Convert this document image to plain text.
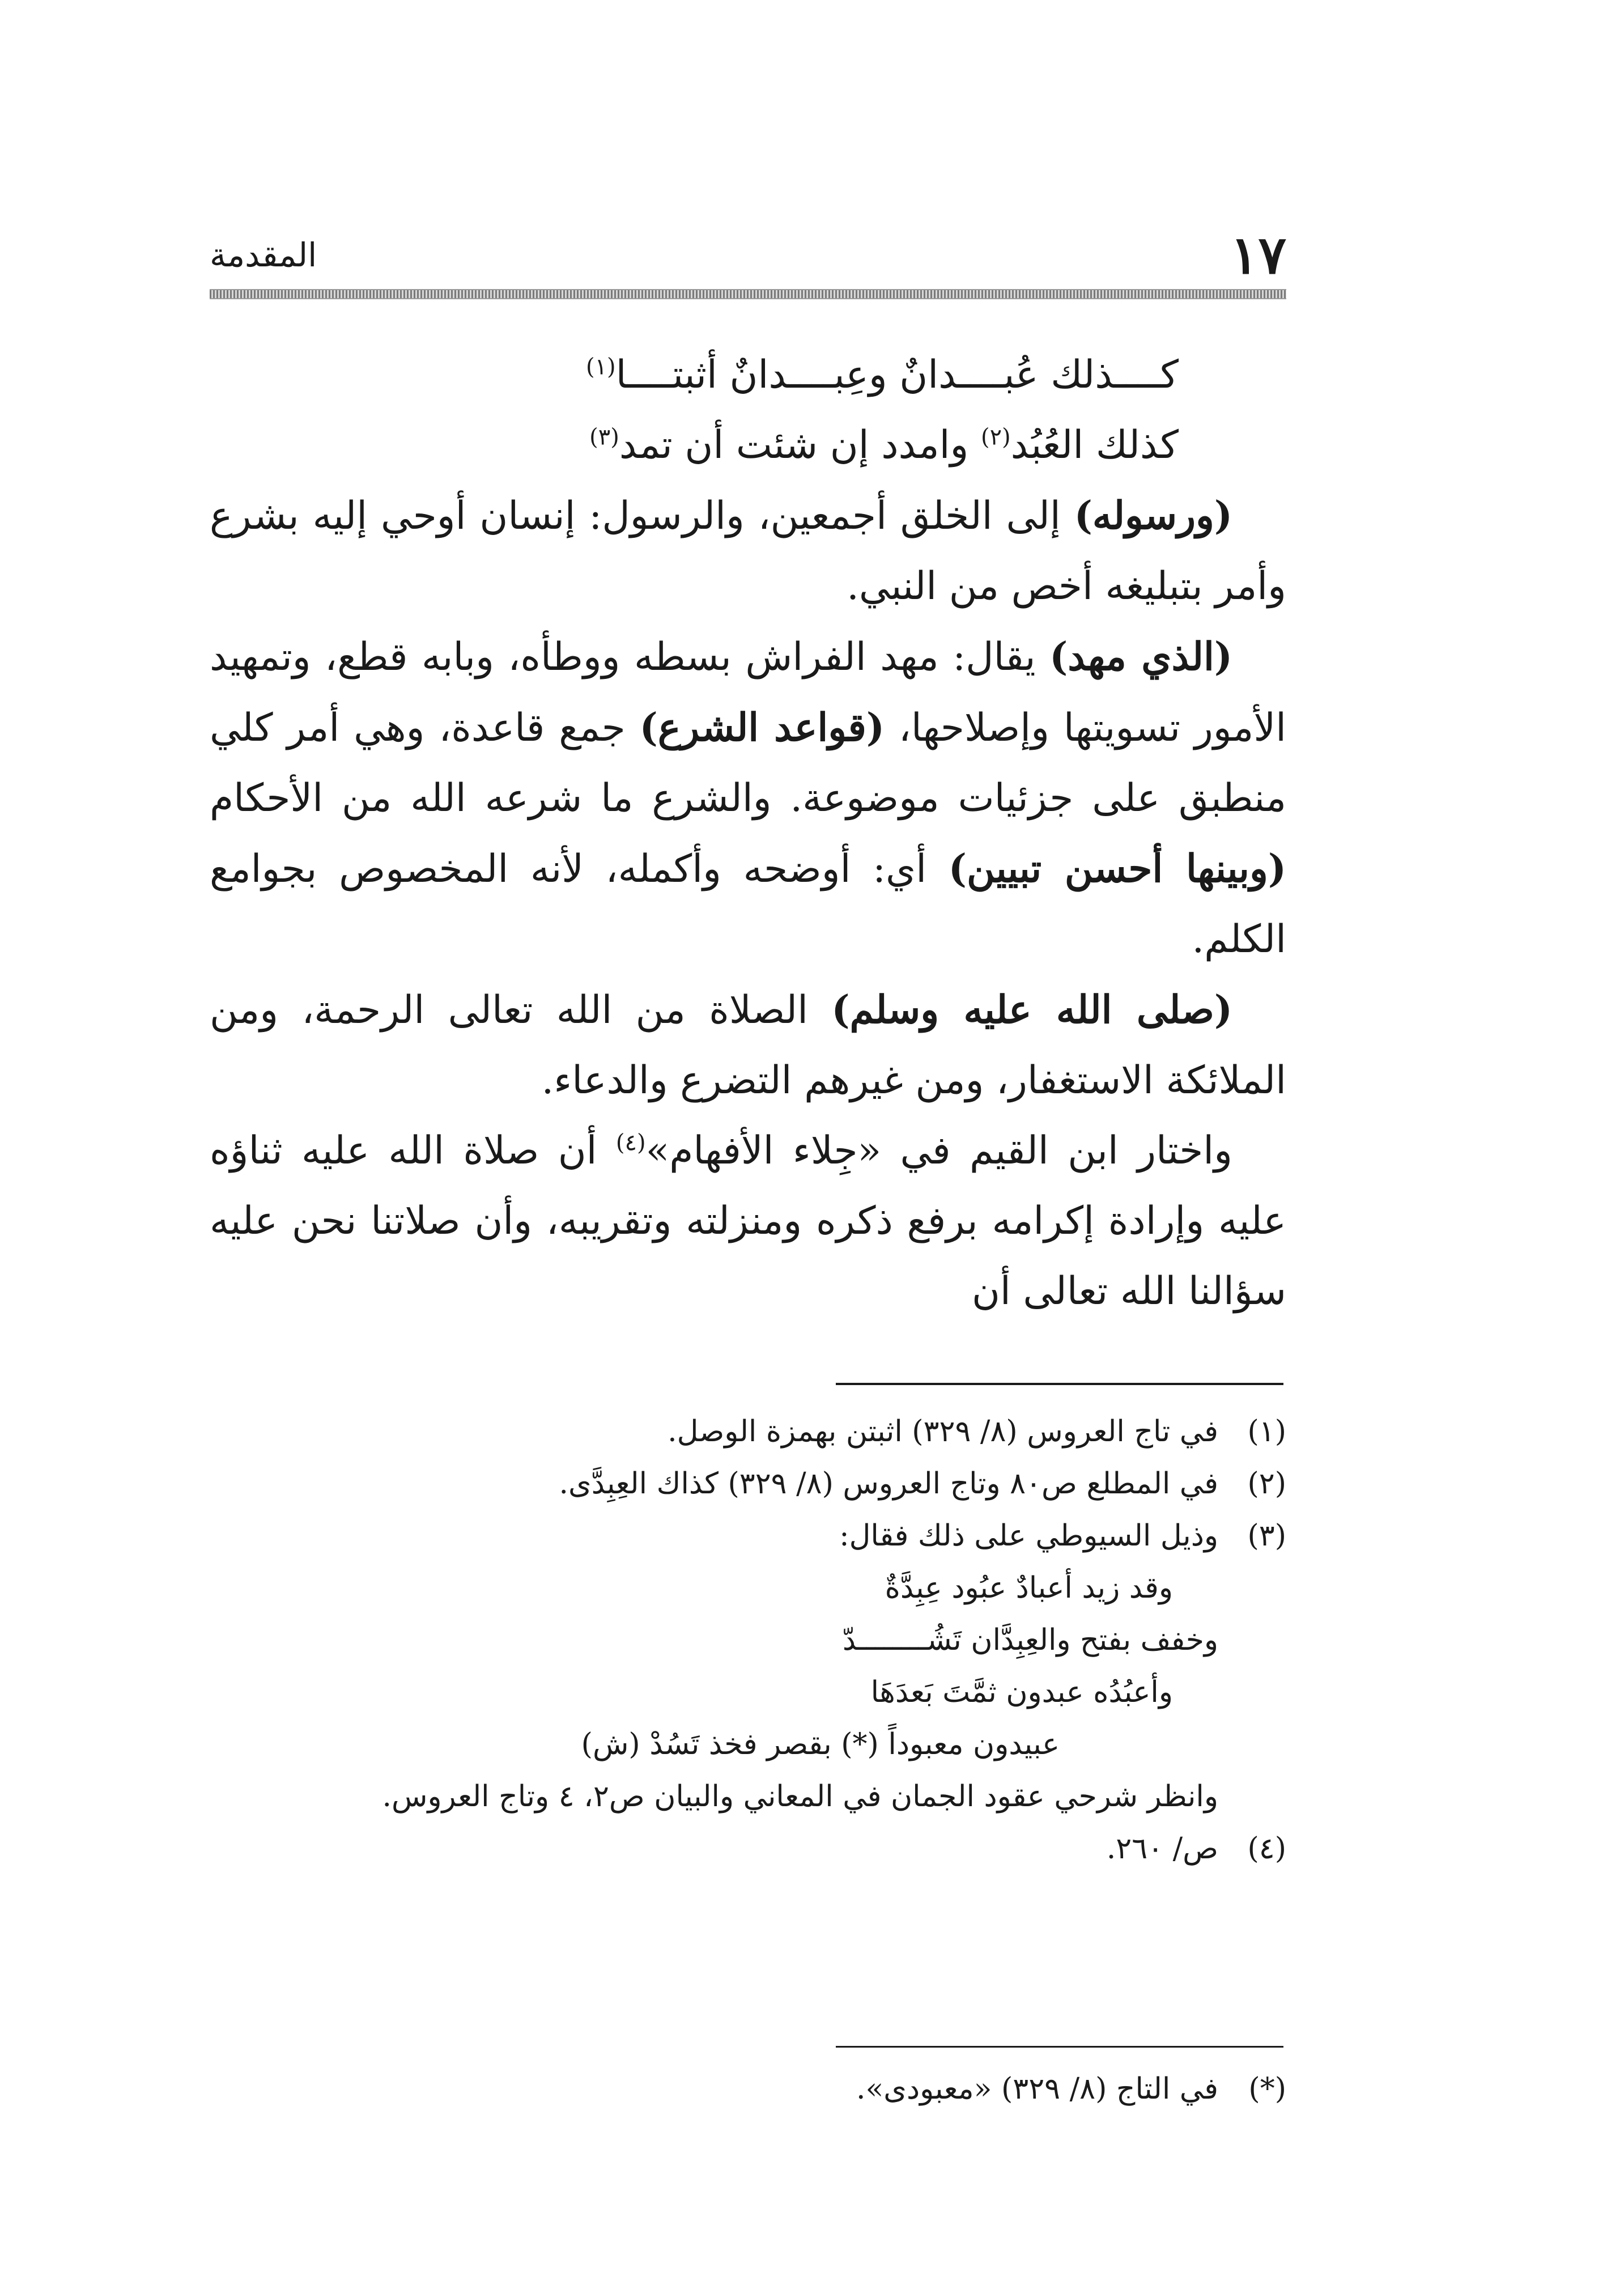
١٧
المقدمة

كــــذلك عُبــــدانٌ وعِبــــدانٌ أثبتــــا$^{(١)}$

كذلك العُبُد$^{(٢)}$ وامدد إن شئت أن تمد$^{(٣)}$

(ورسوله) إلى الخلق أجمعين، والرسول: إنسان أوحي إليه بشرع وأمر بتبليغه أخص من النبي.

(الذي مهد) يقال: مهد الفراش بسطه ووطأه، وبابه قطع، وتمهيد الأمور تسويتها وإصلاحها، (قواعد الشرع) جمع قاعدة، وهي أمر كلي منطبق على جزئيات موضوعة. والشرع ما شرعه الله من الأحكام (وبينها أحسن تبيين) أي: أوضحه وأكمله، لأنه المخصوص بجوامع الكلم.

(صلى الله عليه وسلم) الصلاة من الله تعالى الرحمة، ومن الملائكة الاستغفار، ومن غيرهم التضرع والدعاء.

واختار ابن القيم في «جِلاء الأفهام»$^{(٤)}$ أن صلاة الله عليه ثناؤه عليه وإرادة إكرامه برفع ذكره ومنزلته وتقريبه، وأن صلاتنا نحن عليه سؤالنا الله تعالى أن

(١)
في تاج العروس (٨/ ٣٢٩) اثبتن بهمزة الوصل.

(٢)
في المطلع ص٨٠ وتاج العروس (٨/ ٣٢٩) كذاك العِبِدَّى.

(٣)
وذيل السيوطي على ذلك فقال:

وقد زيد أعبادٌ عبُود عِبِدَّةٌ

وخفف بفتح والعِبِدَّان تَشُــــــــدّ

وأعبُدُه عبدون ثمَّتَ بَعدَهَا

عبيدون معبوداً (*) بقصر فخذ تَسُدْ (ش)

وانظر شرحي عقود الجمان في المعاني والبيان ص٢، ٤ وتاج العروس.

(٤)
ص/ ٢٦٠.

(*)
في التاج (٨/ ٣٢٩) «معبودى».
